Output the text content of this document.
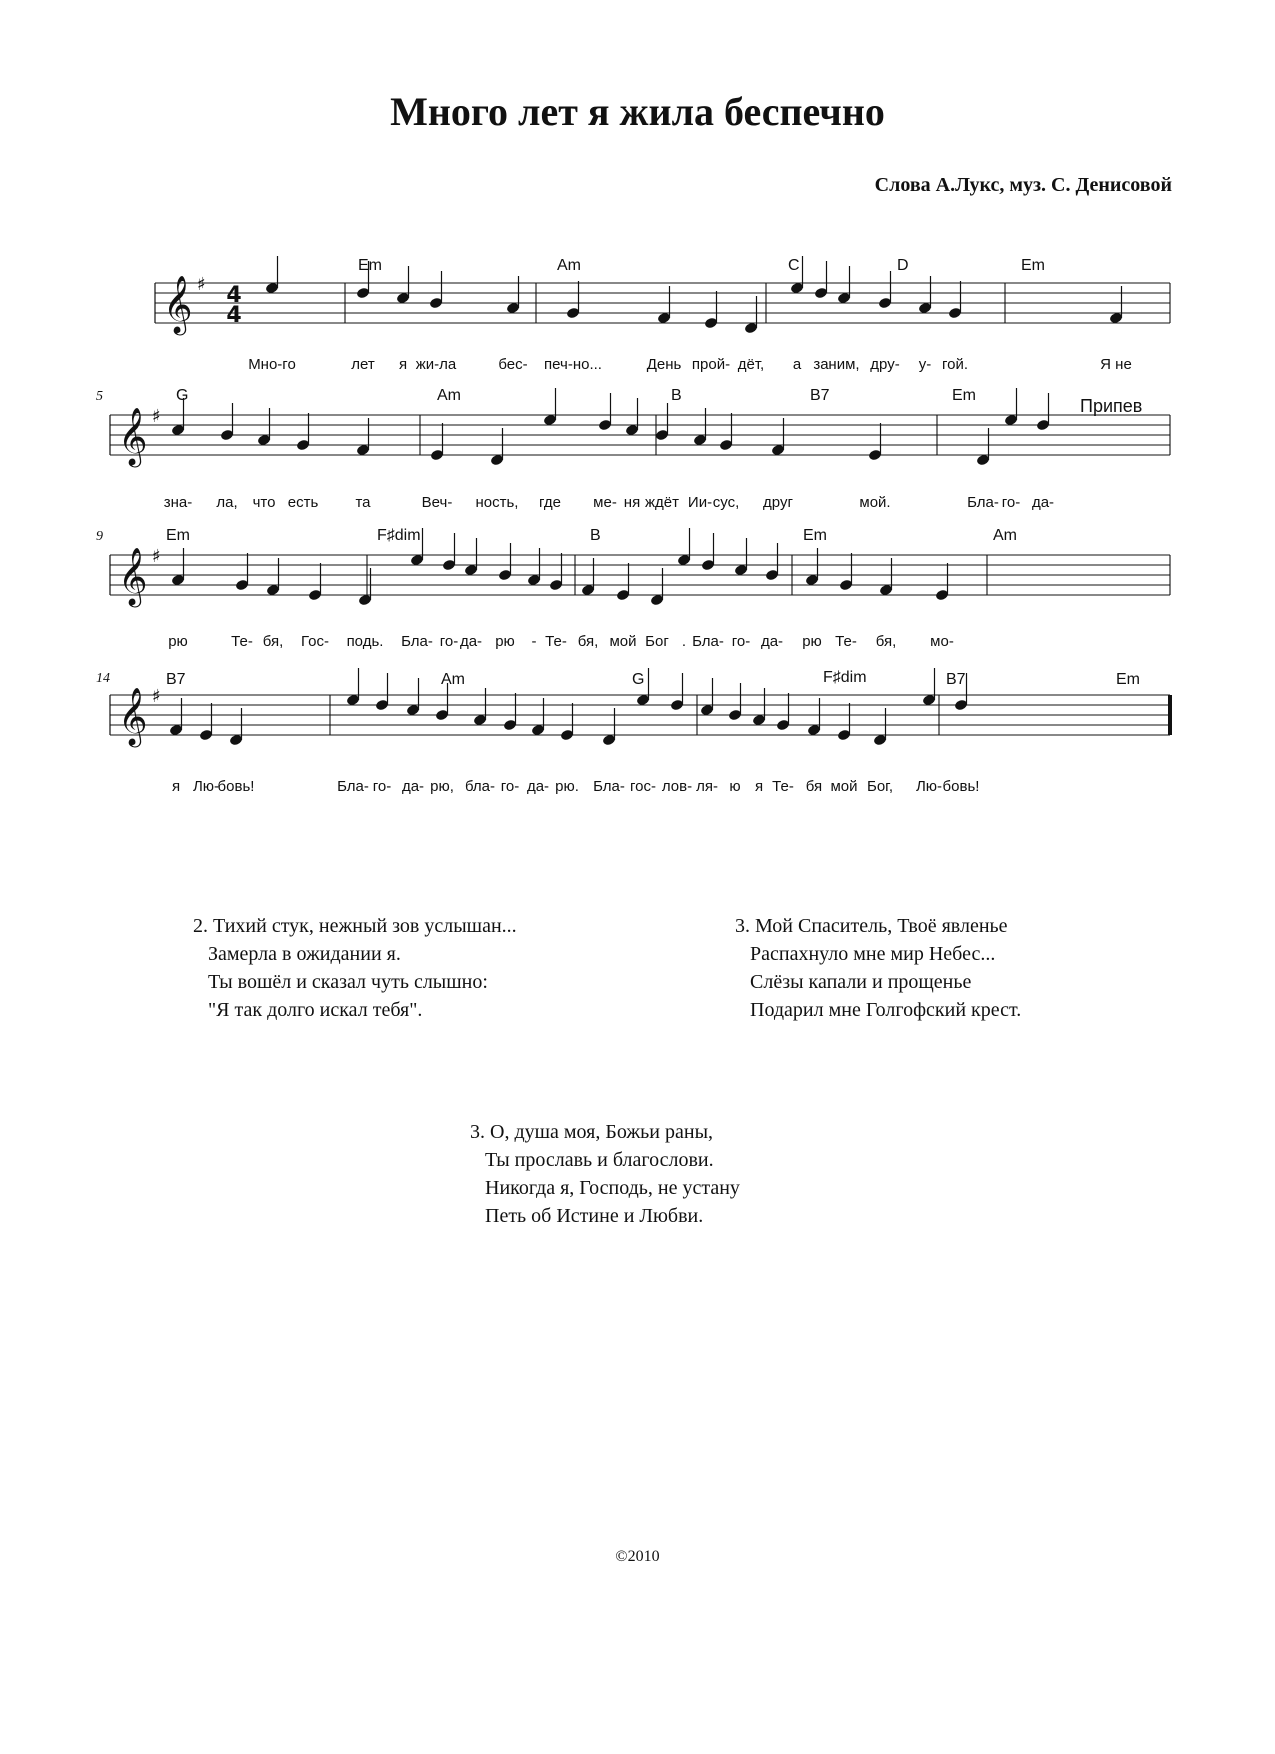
Много лет я жила беспечно
Слова А.Лукс, муз. С. Денисовой
Em	Am	C	D	Em
5	G	Am	B	B7	Em
Припев
9	Em	F♯dim	B	Em	Am
14	B7	Am	G	F♯dim	B7	Em
Мно-го	лет я жи-ла	бес- печ-но...	День прой- дёт, а за ним, дру- у- гой.	Я не
зна- ла, что есть та	Веч- ность, где ме- ня ждёт Ии- сус, друг	мой.	Бла- го- да-
рю	Те- бя, Гос- подь. Бла- го- да- рю - Те- бя, мой Бог . Бла- го- да- рю Те- бя, мо-
я Лю-
бовь!	Бла- го- да- рю, бла- го- да- рю. Бла- гос- лов- ля- ю я Те- бя мой Бог, Лю- бовь!
𝄞 ♯
𝄞 ♯
𝄞 ♯
𝄞 ♯
4
4
2. Тихий стук, нежный зов услышан...
Замерла в ожидании я.
Ты вошёл и сказал чуть слышно:
"Я так долго искал тебя".
3. Мой Спаситель, Твоё явленье
Распахнуло мне мир Небес...
Слёзы капали и прощенье
Подарил мне Голгофский крест.
3. О, душа моя, Божьи раны,
Ты прославь и благослови.
Никогда я, Господь, не устану
Петь об Истине и Любви.
©2010
